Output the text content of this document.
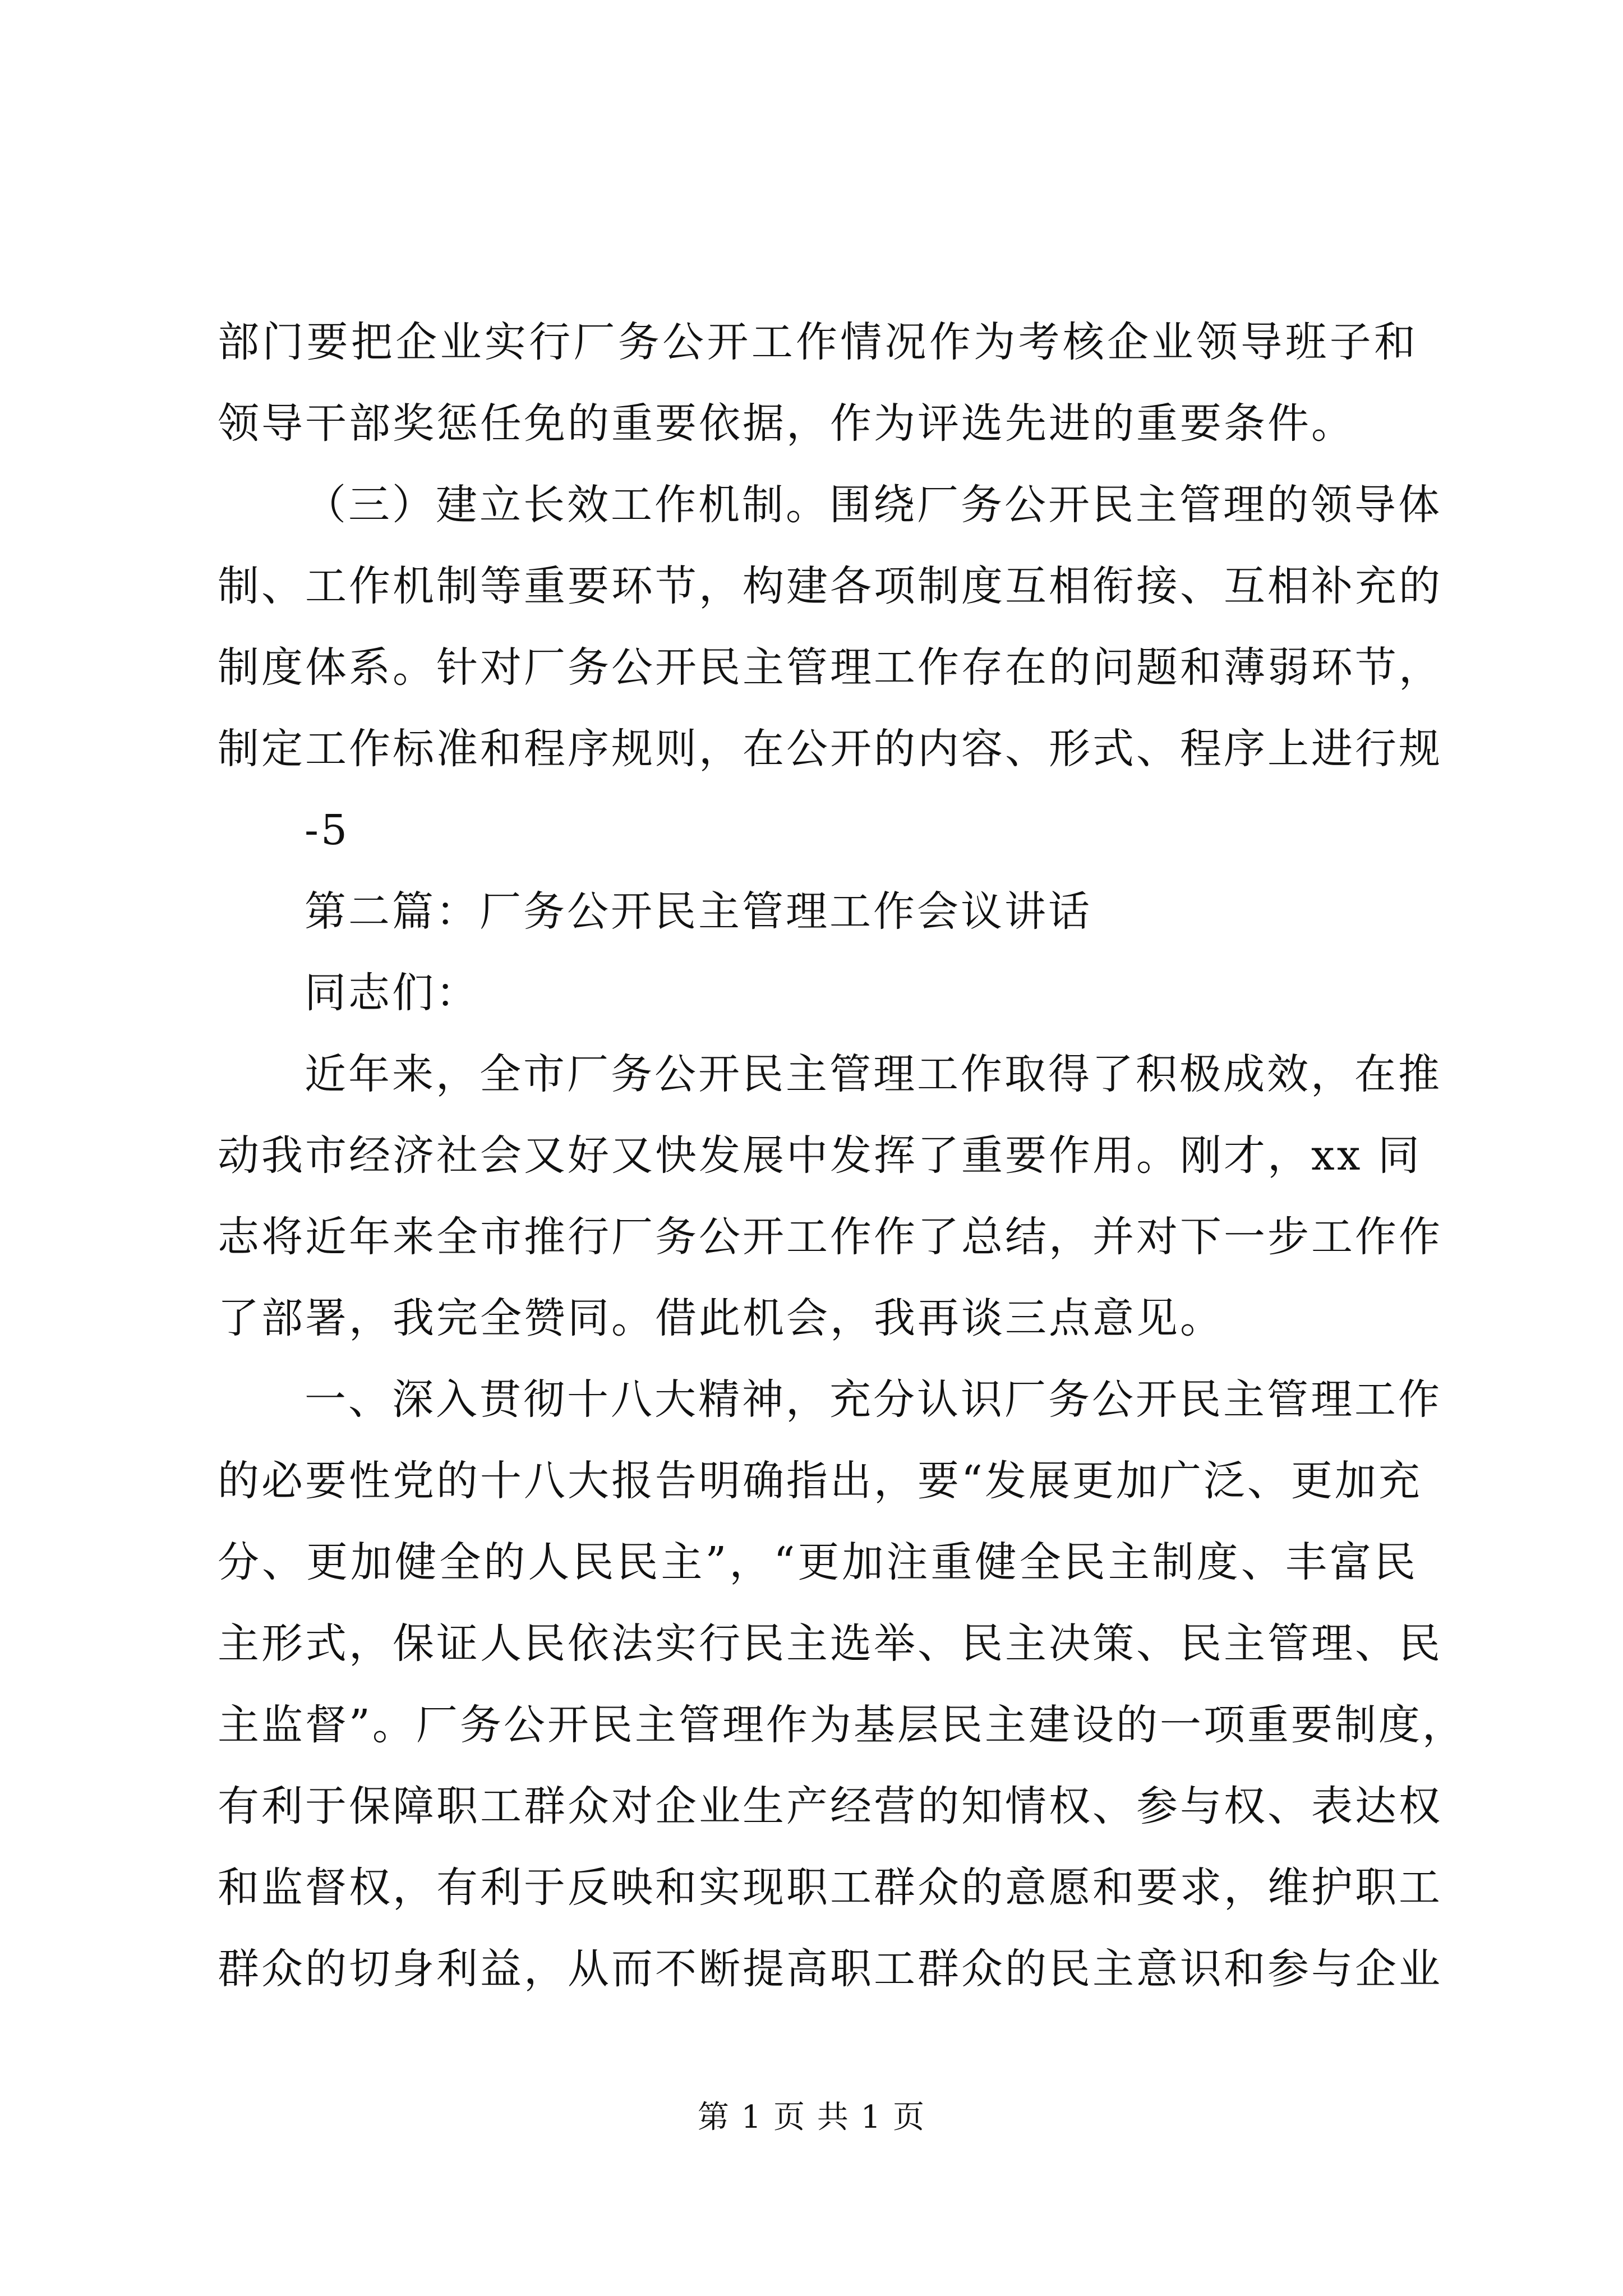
部门要把企业实行厂务公开工作情况作为考核企业领导班子和
领导干部奖惩任免的重要依据，作为评选先进的重要条件。
（三）建立长效工作机制。围绕厂务公开民主管理的领导体
制、工作机制等重要环节，构建各项制度互相衔接、互相补充的
制度体系。针对厂务公开民主管理工作存在的问题和薄弱环节，
制定工作标准和程序规则，在公开的内容、形式、程序上进行规
-5
第二篇：厂务公开民主管理工作会议讲话
同志们：
近年来，全市厂务公开民主管理工作取得了积极成效，在推
动我市经济社会又好又快发展中发挥了重要作用。刚才，xx 同
志将近年来全市推行厂务公开工作作了总结，并对下一步工作作
了部署，我完全赞同。借此机会，我再谈三点意见。
一、深入贯彻十八大精神，充分认识厂务公开民主管理工作
的必要性党的十八大报告明确指出，要“发展更加广泛、更加充
分、更加健全的人民民主”，“更加注重健全民主制度、丰富民
主形式，保证人民依法实行民主选举、民主决策、民主管理、民
主监督”。厂务公开民主管理作为基层民主建设的一项重要制度，
有利于保障职工群众对企业生产经营的知情权、参与权、表达权
和监督权，有利于反映和实现职工群众的意愿和要求，维护职工
群众的切身利益，从而不断提高职工群众的民主意识和参与企业
第 1 页 共 1 页
